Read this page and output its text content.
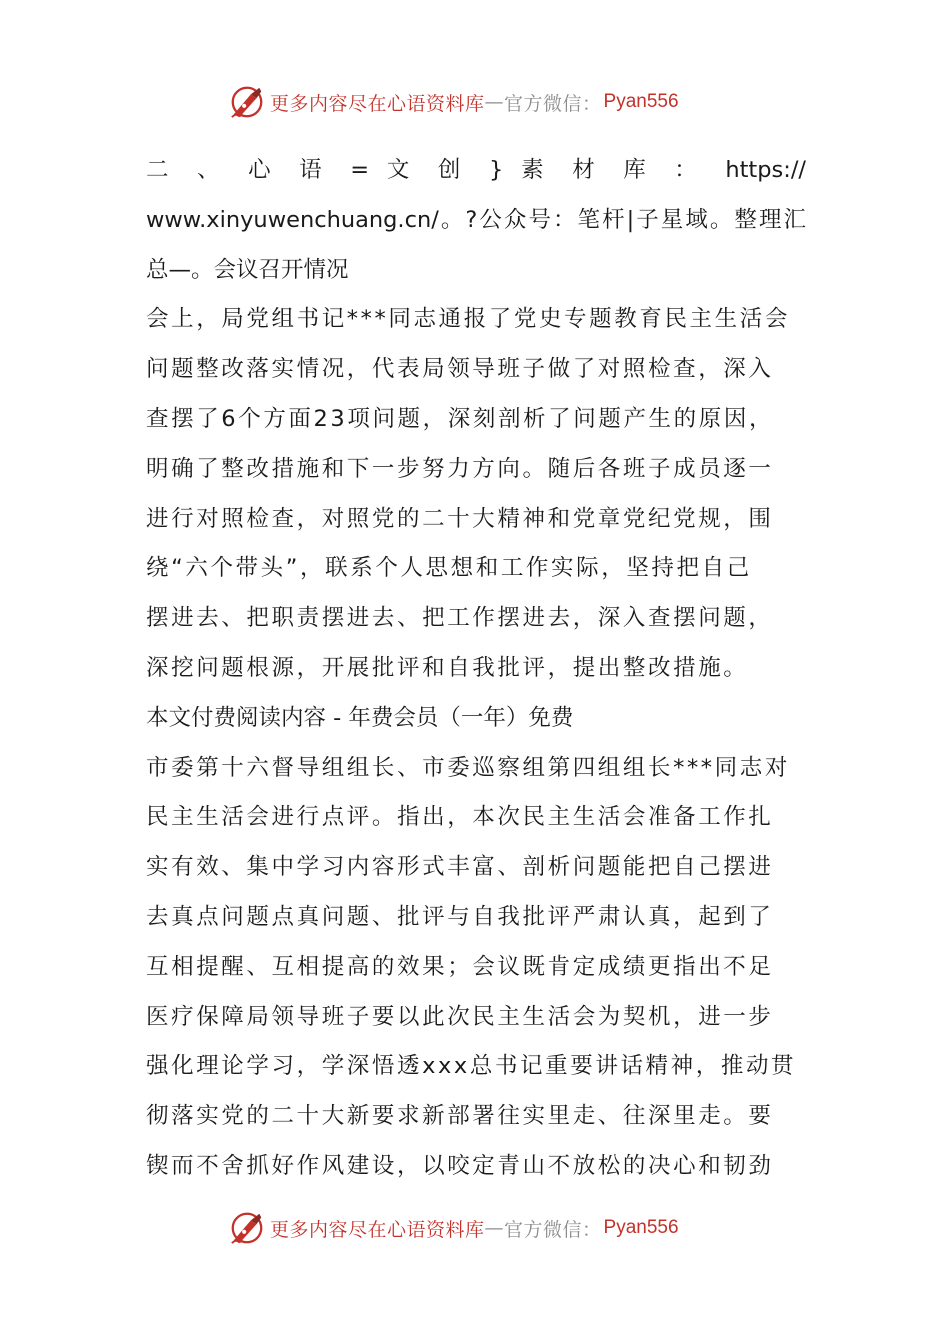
更多内容尽在心语资料库 — 官方微信： Pyan556
二 、 心 语 = 文 创 } 素 材 库 ： https://
www.xinyuwenchuang.cn/。?公众号：笔杆|子星域。整理汇
总—。会议召开情况
会上，局党组书记***同志通报了党史专题教育民主生活会
问题整改落实情况，代表局领导班子做了对照检查，深入
查摆了6个方面23项问题，深刻剖析了问题产生的原因，
明确了整改措施和下一步努力方向。随后各班子成员逐一
进行对照检查，对照党的二十大精神和党章党纪党规，围
绕“六个带头”，联系个人思想和工作实际，坚持把自己
摆进去、把职责摆进去、把工作摆进去，深入查摆问题，
深挖问题根源，开展批评和自我批评，提出整改措施。
本文付费阅读内容 - 年费会员（一年）免费
市委第十六督导组组长、市委巡察组第四组组长***同志对
民主生活会进行点评。指出，本次民主生活会准备工作扎
实有效、集中学习内容形式丰富、剖析问题能把自己摆进
去真点问题点真问题、批评与自我批评严肃认真，起到了
互相提醒、互相提高的效果；会议既肯定成绩更指出不足
医疗保障局领导班子要以此次民主生活会为契机，进一步
强化理论学习，学深悟透xxx总书记重要讲话精神，推动贯
彻落实党的二十大新要求新部署往实里走、往深里走。要
锲而不舍抓好作风建设，以咬定青山不放松的决心和韧劲
更多内容尽在心语资料库 — 官方微信： Pyan556
